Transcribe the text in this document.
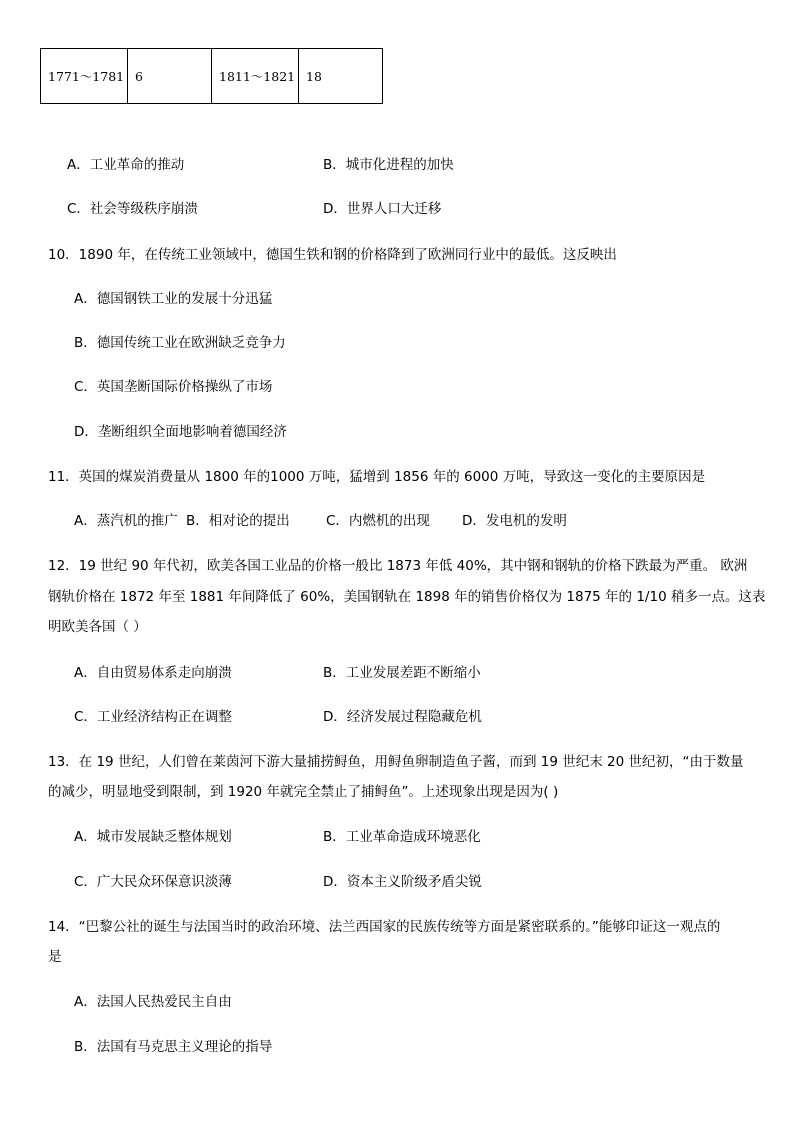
1771～1781	6	1811～1821	18
A．工业革命的推动	B．城市化进程的加快
C．社会等级秩序崩溃	D．世界人口大迁移
10．1890 年，在传统工业领域中，德国生铁和钢的价格降到了欧洲同行业中的最低。这反映出
A．德国钢铁工业的发展十分迅猛
B．德国传统工业在欧洲缺乏竞争力
C．英国垄断国际价格操纵了市场
D．垄断组织全面地影响着德国经济
11．英国的煤炭消费量从 1800 年的1000 万吨，猛增到 1856 年的 6000 万吨，导致这一变化的主要原因是
A．蒸汽机的推广 B．相对论的提出	C．内燃机的出现 D．发电机的发明
12．19 世纪 90 年代初，欧美各国工业品的价格一般比 1873 年低 40%，其中钢和钢轨的价格下跌最为严重。 欧洲
钢轨价格在 1872 年至 1881 年间降低了 60%，美国钢轨在 1898 年的销售价格仅为 1875 年的 1/10 稍多一点。这表
明欧美各国（ ）
A．自由贸易体系走向崩溃	B．工业发展差距不断缩小
C．工业经济结构正在调整	D．经济发展过程隐藏危机
13．在 19 世纪，人们曾在莱茵河下游大量捕捞鲟鱼，用鲟鱼卵制造鱼子酱，而到 19 世纪末 20 世纪初，“由于数量
的减少，明显地受到限制，到 1920 年就完全禁止了捕鲟鱼”。上述现象出现是因为( )
A．城市发展缺乏整体规划	B．工业革命造成环境恶化
C．广大民众环保意识淡薄	D．资本主义阶级矛盾尖锐
14．“巴黎公社的诞生与法国当时的政治环境、法兰西国家的民族传统等方面是紧密联系的。”能够印证这一观点的
是
A．法国人民热爱民主自由
B．法国有马克思主义理论的指导
